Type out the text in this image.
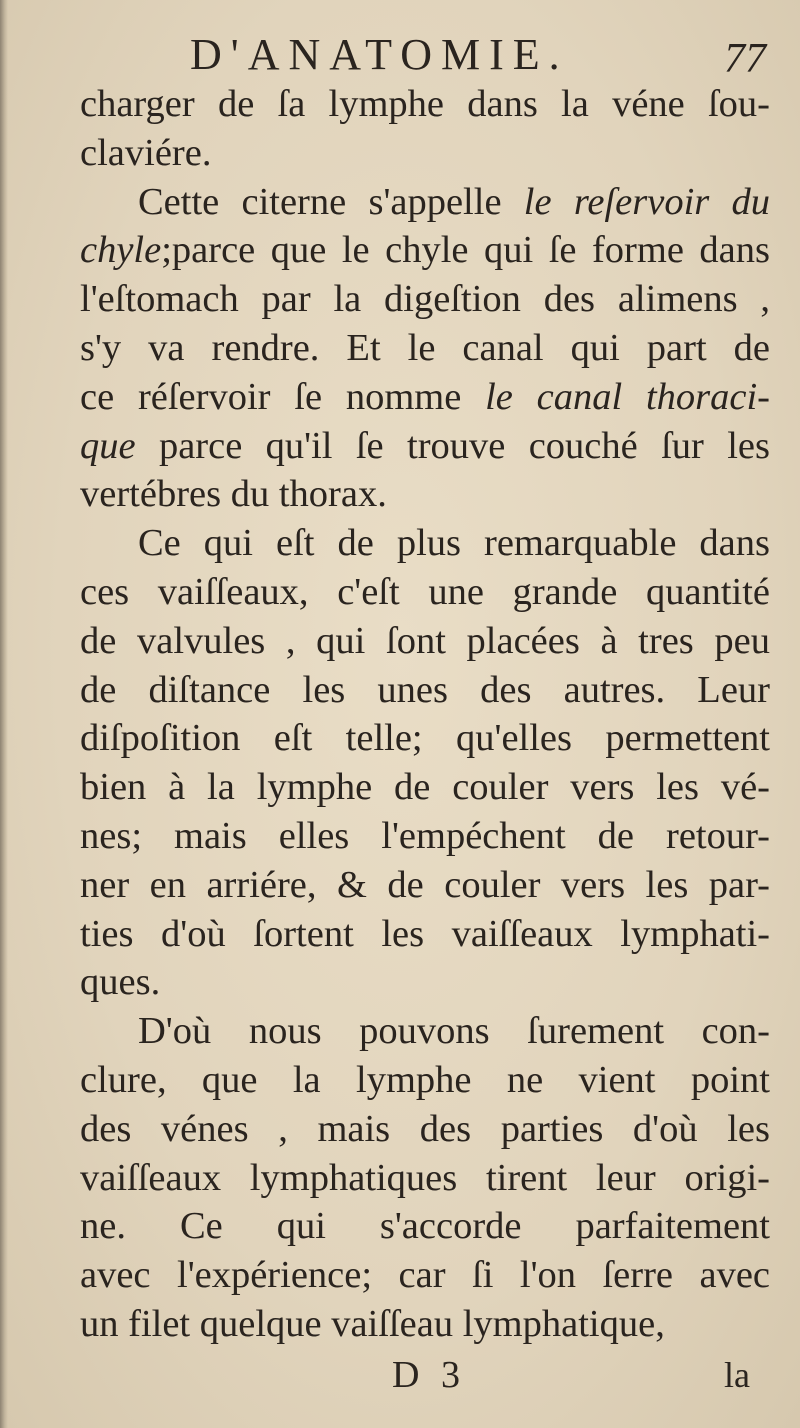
D'ANATOMIE.	77
charger de ſa lymphe dans la véne ſou-
claviére.
Cette citerne s'appelle le reſervoir du
chyle;parce que le chyle qui ſe forme dans
l'eſtomach par la digeſtion des alimens ,
s'y va rendre. Et le canal qui part de
ce réſervoir ſe nomme le canal thoraci-
que parce qu'il ſe trouve couché ſur les
vertébres du thorax.
Ce qui eſt de plus remarquable dans
ces vaiſſeaux, c'eſt une grande quantité
de valvules , qui ſont placées à tres peu
de diſtance les unes des autres. Leur
diſpoſition eſt telle; qu'elles permettent
bien à la lymphe de couler vers les vé-
nes; mais elles l'empéchent de retour-
ner en arriére, & de couler vers les par-
ties d'où ſortent les vaiſſeaux lymphati-
ques.
D'où nous pouvons ſurement con-
clure, que la lymphe ne vient point
des vénes , mais des parties d'où les
vaiſſeaux lymphatiques tirent leur origi-
ne. Ce qui s'accorde parfaitement
avec l'expérience; car ſi l'on ſerre avec
un filet quelque vaiſſeau lymphatique,
D 3	la
